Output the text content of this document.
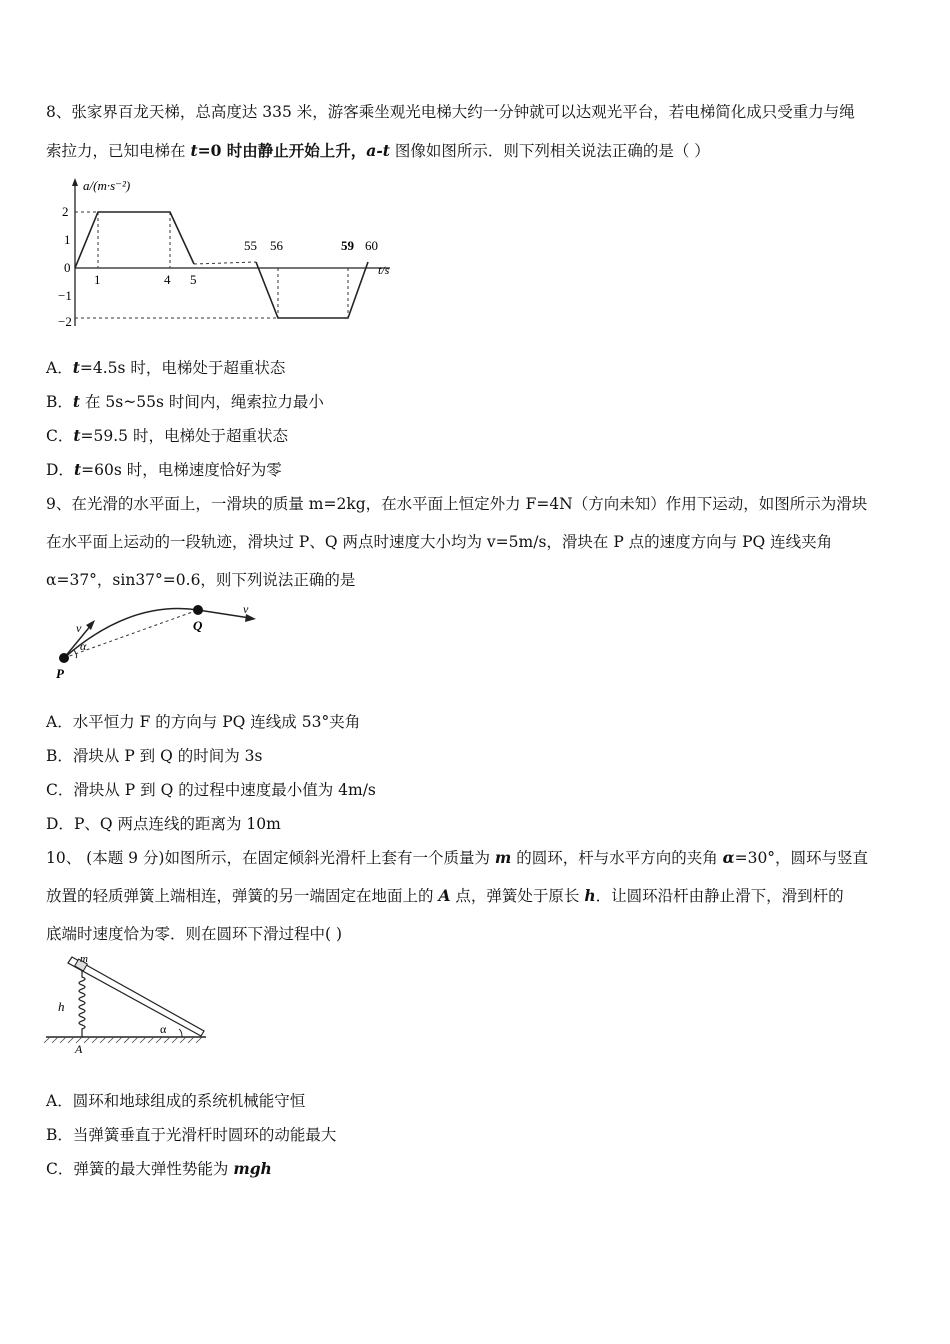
8、张家界百龙天梯，总高度达 335 米，游客乘坐观光电梯大约一分钟就可以达观光平台，若电梯简化成只受重力与绳
索拉力，已知电梯在 t=0 时由静止开始上升，a-t 图像如图所示．则下列相关说法正确的是（ ）
a/(m·s⁻²)
t/s
2
1
0
−1
−2
1	4 5
55 56	59 60
A．t=4.5s 时，电梯处于超重状态
B．t 在 5s~55s 时间内，绳索拉力最小
C．t=59.5 时，电梯处于超重状态
D．t=60s 时，电梯速度恰好为零
9、在光滑的水平面上，一滑块的质量 m=2kg，在水平面上恒定外力 F=4N（方向未知）作用下运动，如图所示为滑块
在水平面上运动的一段轨迹，滑块过 P、Q 两点时速度大小均为 v=5m/s，滑块在 P 点的速度方向与 PQ 连线夹角
α=37°，sin37°=0.6，则下列说法正确的是
v
v
P
Q
α
A．水平恒力 F 的方向与 PQ 连线成 53°夹角
B．滑块从 P 到 Q 的时间为 3s
C．滑块从 P 到 Q 的过程中速度最小值为 4m/s
D．P、Q 两点连线的距离为 10m
10、 (本题 9 分)如图所示，在固定倾斜光滑杆上套有一个质量为 m 的圆环，杆与水平方向的夹角 α=30°，圆环与竖直
放置的轻质弹簧上端相连，弹簧的另一端固定在地面上的 A 点，弹簧处于原长 h．让圆环沿杆由静止滑下，滑到杆的
底端时速度恰为零．则在圆环下滑过程中( )
m
h
A
α
A．圆环和地球组成的系统机械能守恒
B．当弹簧垂直于光滑杆时圆环的动能最大
C．弹簧的最大弹性势能为 mgh
